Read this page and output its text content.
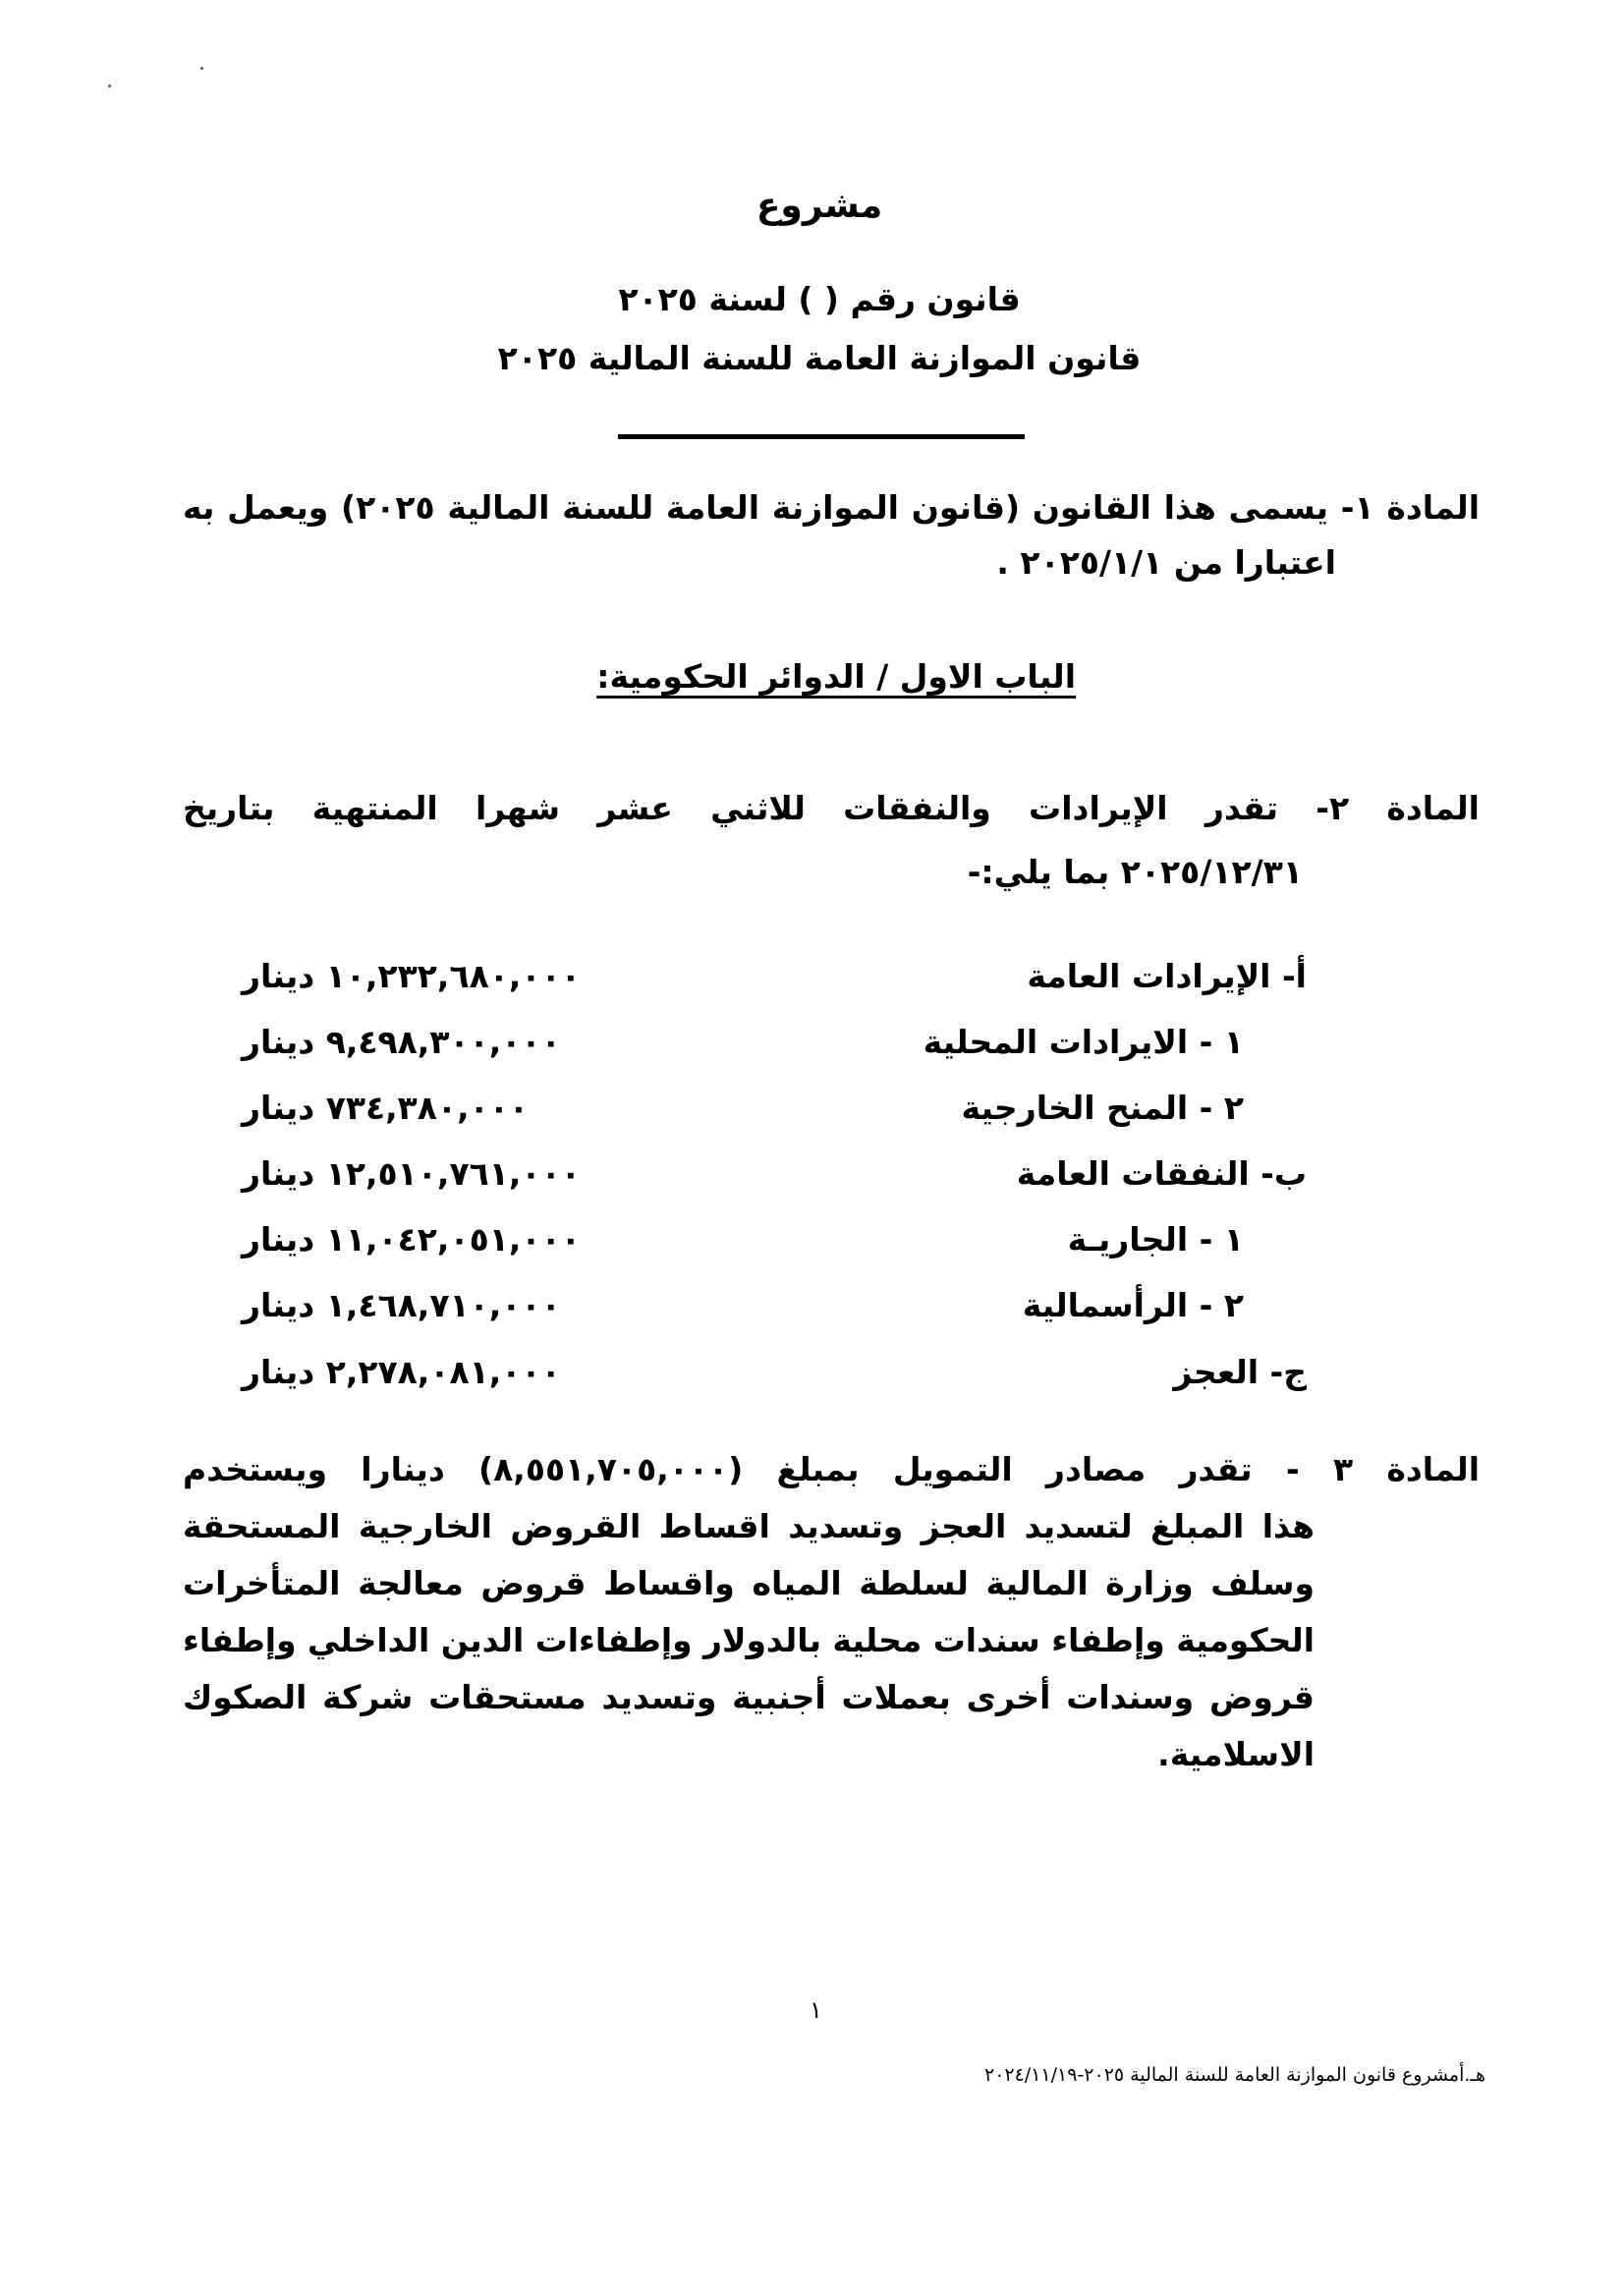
مشروع
قانون رقم ( ) لسنة ٢٠٢٥
قانون الموازنة العامة للسنة المالية ٢٠٢٥
المادة ١- يسمى هذا القانون (قانون الموازنة العامة للسنة المالية ٢٠٢٥) ويعمل به
اعتبارا من ٢٠٢٥/١/١ .
الباب الاول / الدوائر الحكومية:
المادة ٢- تقدر الإيرادات والنفقات للاثني عشر شهرا المنتهية بتاريخ
٢٠٢٥/١٢/٣١ بما يلي:-
أ- الإيرادات العامة
١٠,٢٣٢,٦٨٠,٠٠٠ دينار
١ - الايرادات المحلية
٩,٤٩٨,٣٠٠,٠٠٠ دينار
٢ - المنح الخارجية
٧٣٤,٣٨٠,٠٠٠ دينار
ب- النفقات العامة
١٢,٥١٠,٧٦١,٠٠٠ دينار
١ - الجاريـة
١١,٠٤٢,٠٥١,٠٠٠ دينار
٢ - الرأسمالية
١,٤٦٨,٧١٠,٠٠٠ دينار
ج- العجز
٢,٢٧٨,٠٨١,٠٠٠ دينار
المادة ٣ - تقدر مصادر التمويل بمبلغ (٨,٥٥١,٧٠٥,٠٠٠) دينارا ويستخدم
هذا المبلغ لتسديد العجز وتسديد اقساط القروض الخارجية المستحقة
وسلف وزارة المالية لسلطة المياه واقساط قروض معالجة المتأخرات
الحكومية وإطفاء سندات محلية بالدولار وإطفاءات الدين الداخلي وإطفاء
قروض وسندات أخرى بعملات أجنبية وتسديد مستحقات شركة الصكوك
الاسلامية.
١
هـ.أمشروع قانون الموازنة العامة للسنة المالية ٢٠٢٥-٢٠٢٤/١١/١٩
